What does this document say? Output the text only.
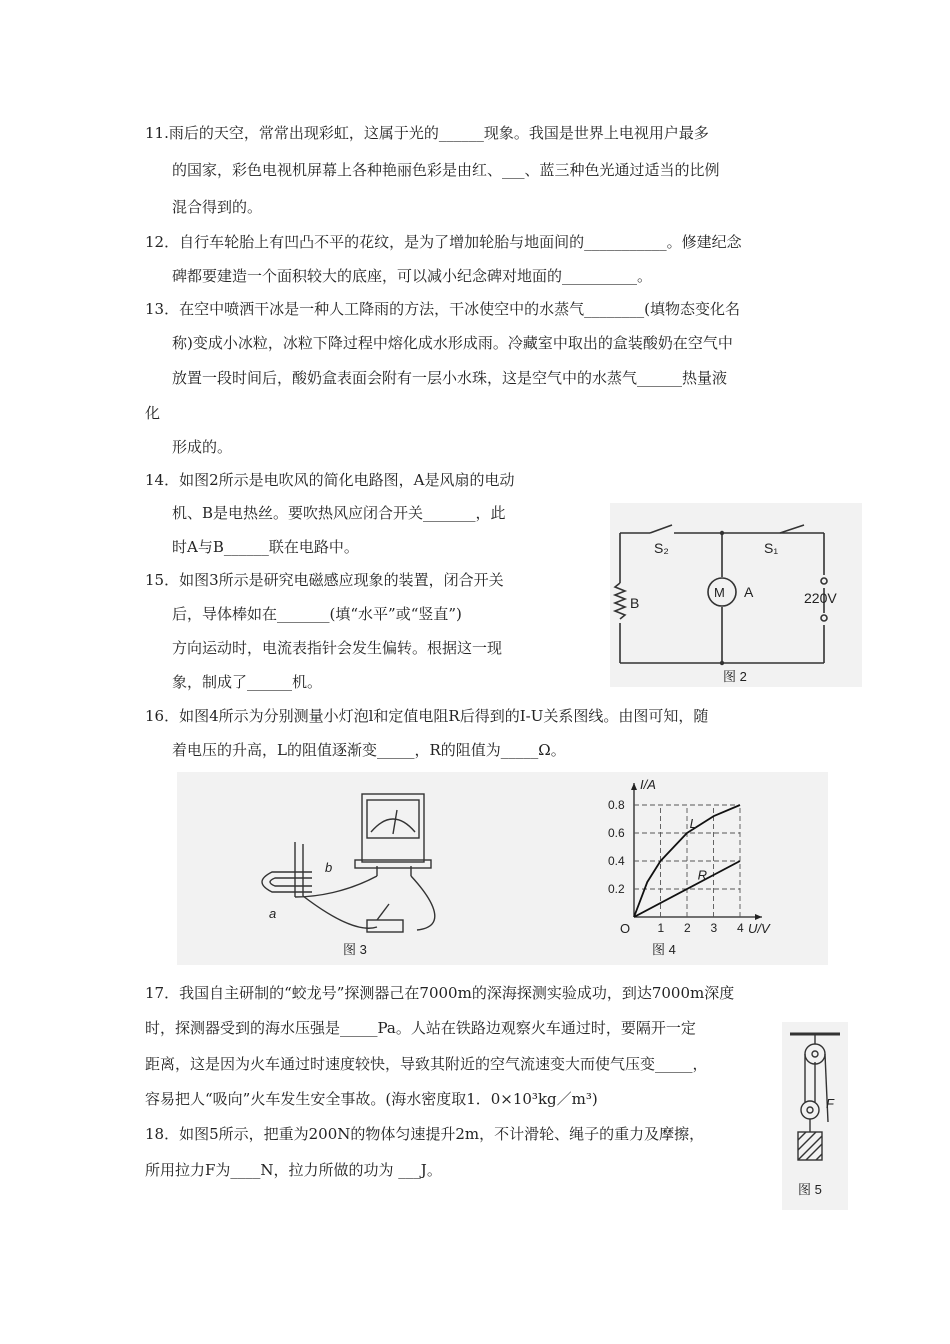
11.雨后的天空，常常出现彩虹，这属于光的______现象。我国是世界上电视用户最多
的国家，彩色电视机屏幕上各种艳丽色彩是由红、___、蓝三种色光通过适当的比例
混合得到的。
12．自行车轮胎上有凹凸不平的花纹，是为了增加轮胎与地面间的___________。修建纪念
碑都要建造一个面积较大的底座，可以减小纪念碑对地面的__________。
13．在空中喷洒干冰是一种人工降雨的方法，干冰使空中的水蒸气________(填物态变化名
称)变成小冰粒，冰粒下降过程中熔化成水形成雨。冷藏室中取出的盒装酸奶在空气中
放置一段时间后，酸奶盒表面会附有一层小水珠，这是空气中的水蒸气______热量液
化
形成的。
14．如图2所示是电吹风的简化电路图，A是风扇的电动
机、B是电热丝。要吹热风应闭合开关_______，此
时A与B______联在电路中。
15．如图3所示是研究电磁感应现象的装置，闭合开关
后，导体棒如在_______(填“水平”或“竖直”)
方向运动时，电流表指针会发生偏转。根据这一现
象，制成了______机。
S₂	S₁
B
M A	220V
图 2
16．如图4所示为分别测量小灯泡l和定值电阻R后得到的I-U关系图线。由图可知，随
着电压的升高，L的阻值逐渐变_____，R的阻值为_____Ω。
b
a
图 3
I/A
U/V
O 1 2 3 4
0.2
0.4
0.6
0.8
L
R
图 4
17．我国自主研制的“蛟龙号”探测器己在7000m的深海探测实验成功，到达7000m深度
时，探测器受到的海水压强是_____Pa。人站在铁路边观察火车通过时，要隔开一定
距离，这是因为火车通过时速度较快，导致其附近的空气流速变大而使气压变_____，
容易把人“吸向”火车发生安全事故。(海水密度取1．0×10³kg／m³)
18．如图5所示，把重为200N的物体匀速提升2m，不计滑轮、绳子的重力及摩擦，
所用拉力F为____N，拉力所做的功为 ___J。
F
图 5
